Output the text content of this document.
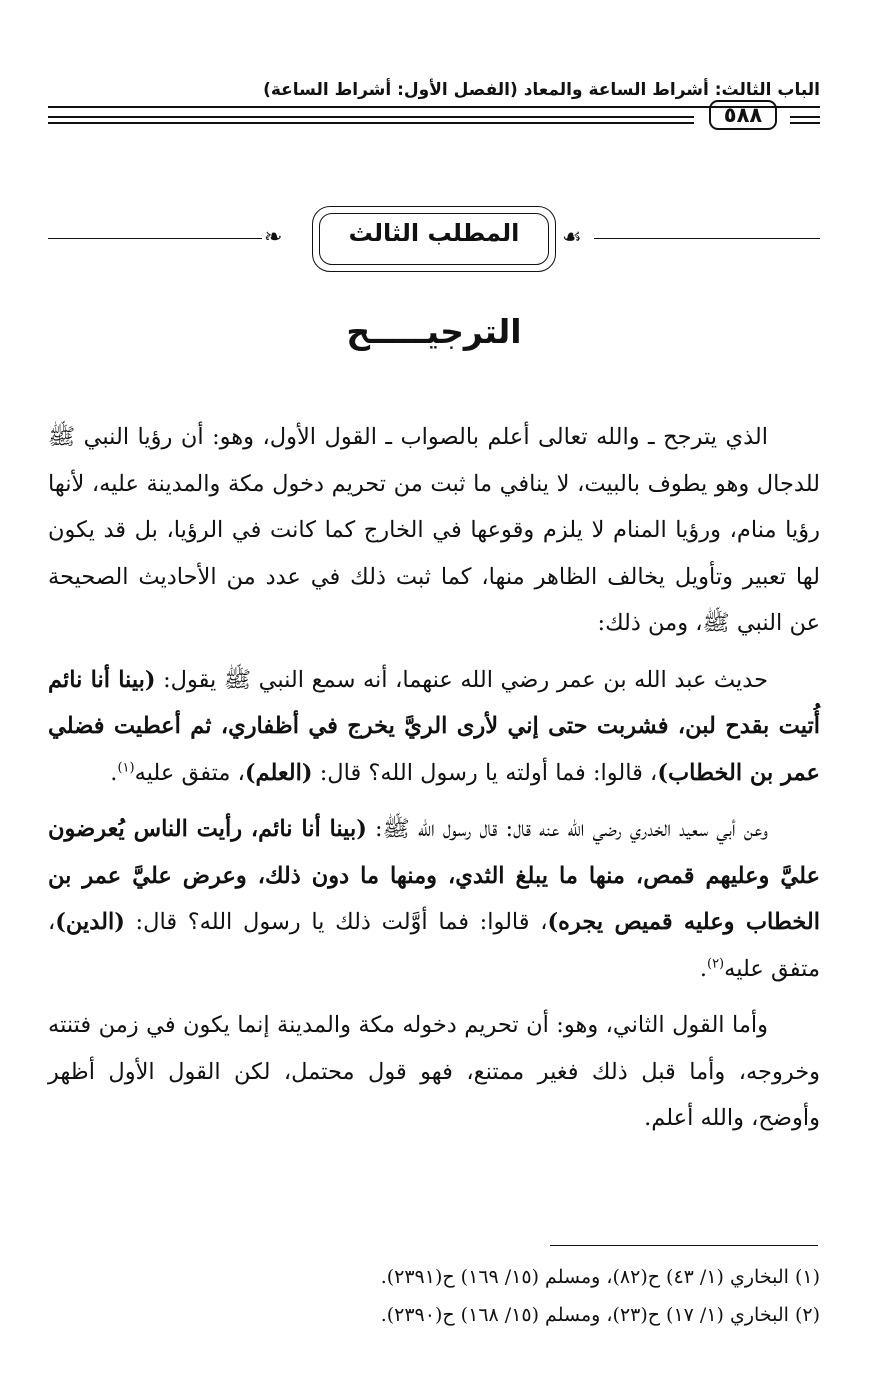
الباب الثالث: أشراط الساعة والمعاد (الفصل الأول: أشراط الساعة)
٥٨٨
❧	المطلب الثالث	☙
الترجيـــــح

الذي يترجح ـ والله تعالى أعلم بالصواب ـ القول الأول، وهو: أن رؤيا النبي ﷺ للدجال وهو يطوف بالبيت، لا ينافي ما ثبت من تحريم دخول مكة والمدينة عليه، لأنها رؤيا منام، ورؤيا المنام لا يلزم وقوعها في الخارج كما كانت في الرؤيا، بل قد يكون لها تعبير وتأويل يخالف الظاهر منها، كما ثبت ذلك في عدد من الأحاديث الصحيحة عن النبي ﷺ، ومن ذلك:

حديث عبد الله بن عمر رضي الله عنهما، أنه سمع النبي ﷺ يقول: (بينا أنا نائم أُتيت بقدح لبن، فشربت حتى إني لأرى الريَّ يخرج في أظفاري، ثم أعطيت فضلي عمر بن الخطاب)، قالوا: فما أولته يا رسول الله؟ قال: (العلم)، متفق عليه$^{(١)}$.

وعن أبي سعيد الخدري رضي الله عنه قال: قال رسول الله ﷺ: (بينا أنا نائم، رأيت الناس يُعرضون عليَّ وعليهم قمص، منها ما يبلغ الثدي، ومنها ما دون ذلك، وعرض عليَّ عمر بن الخطاب وعليه قميص يجره)، قالوا: فما أوَّلت ذلك يا رسول الله؟ قال: (الدين)، متفق عليه$^{(٢)}$.

وأما القول الثاني، وهو: أن تحريم دخوله مكة والمدينة إنما يكون في زمن فتنته وخروجه، وأما قبل ذلك فغير ممتنع، فهو قول محتمل، لكن القول الأول أظهر وأوضح، والله أعلم.

(١) البخاري (١/ ٤٣) ح(٨٢)، ومسلم (١٥/ ١٦٩) ح(٢٣٩١).
(٢) البخاري (١/ ١٧) ح(٢٣)، ومسلم (١٥/ ١٦٨) ح(٢٣٩٠).
